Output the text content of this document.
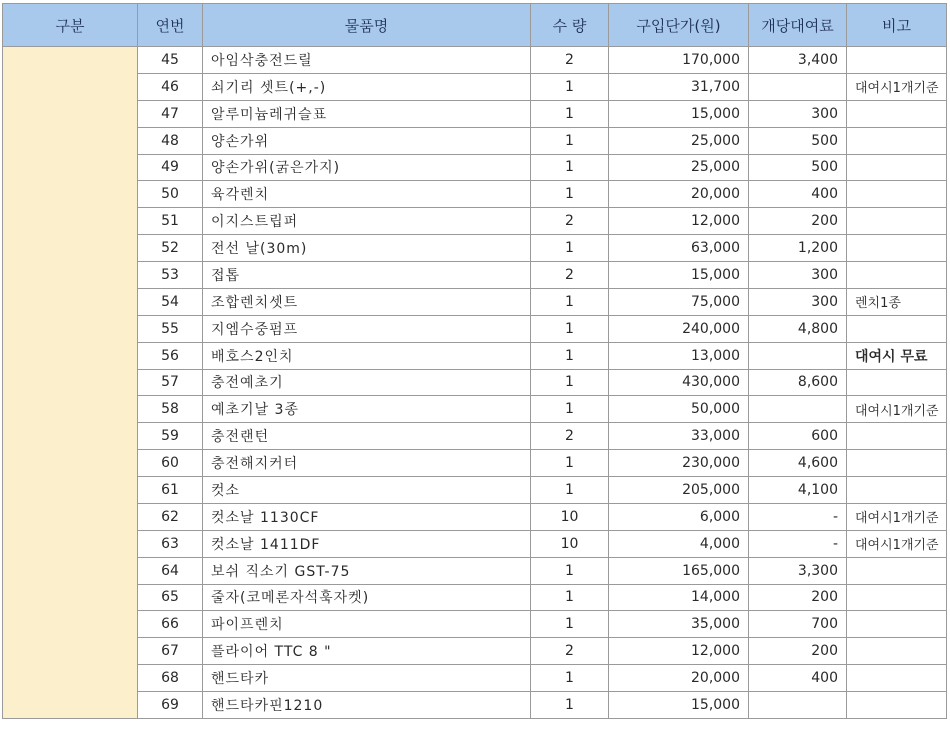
구분	연번	물품명	수 량	구입단가(원)	개당대여료	비고
	45	아임삭충전드릴	2	170,000	3,400	
	46	쇠기리 셋트(+,-)	1	31,700		대여시1개기준
	47	알루미늄레귀슬표	1	15,000	300	
	48	양손가위	1	25,000	500	
	49	양손가위(굵은가지)	1	25,000	500	
	50	육각렌치	1	20,000	400	
	51	이지스트립퍼	2	12,000	200	
	52	전선 날(30m)	1	63,000	1,200	
	53	접톱	2	15,000	300	
	54	조합렌치셋트	1	75,000	300	렌치1종
	55	지엠수중펌프	1	240,000	4,800	
	56	배호스2인치	1	13,000		대여시 무료
	57	충전예초기	1	430,000	8,600	
	58	예초기날 3종	1	50,000		대여시1개기준
	59	충전랜턴	2	33,000	600	
	60	충전해지커터	1	230,000	4,600	
	61	컷소	1	205,000	4,100	
	62	컷소날 1130CF	10	6,000	-	대여시1개기준
	63	컷소날 1411DF	10	4,000	-	대여시1개기준
	64	보쉬 직소기 GST-75	1	165,000	3,300	
	65	줄자(코메론자석훅자켓)	1	14,000	200	
	66	파이프렌치	1	35,000	700	
	67	플라이어 TTC 8 "	2	12,000	200	
	68	핸드타카	1	20,000	400	
	69	핸드타카핀1210	1	15,000		
